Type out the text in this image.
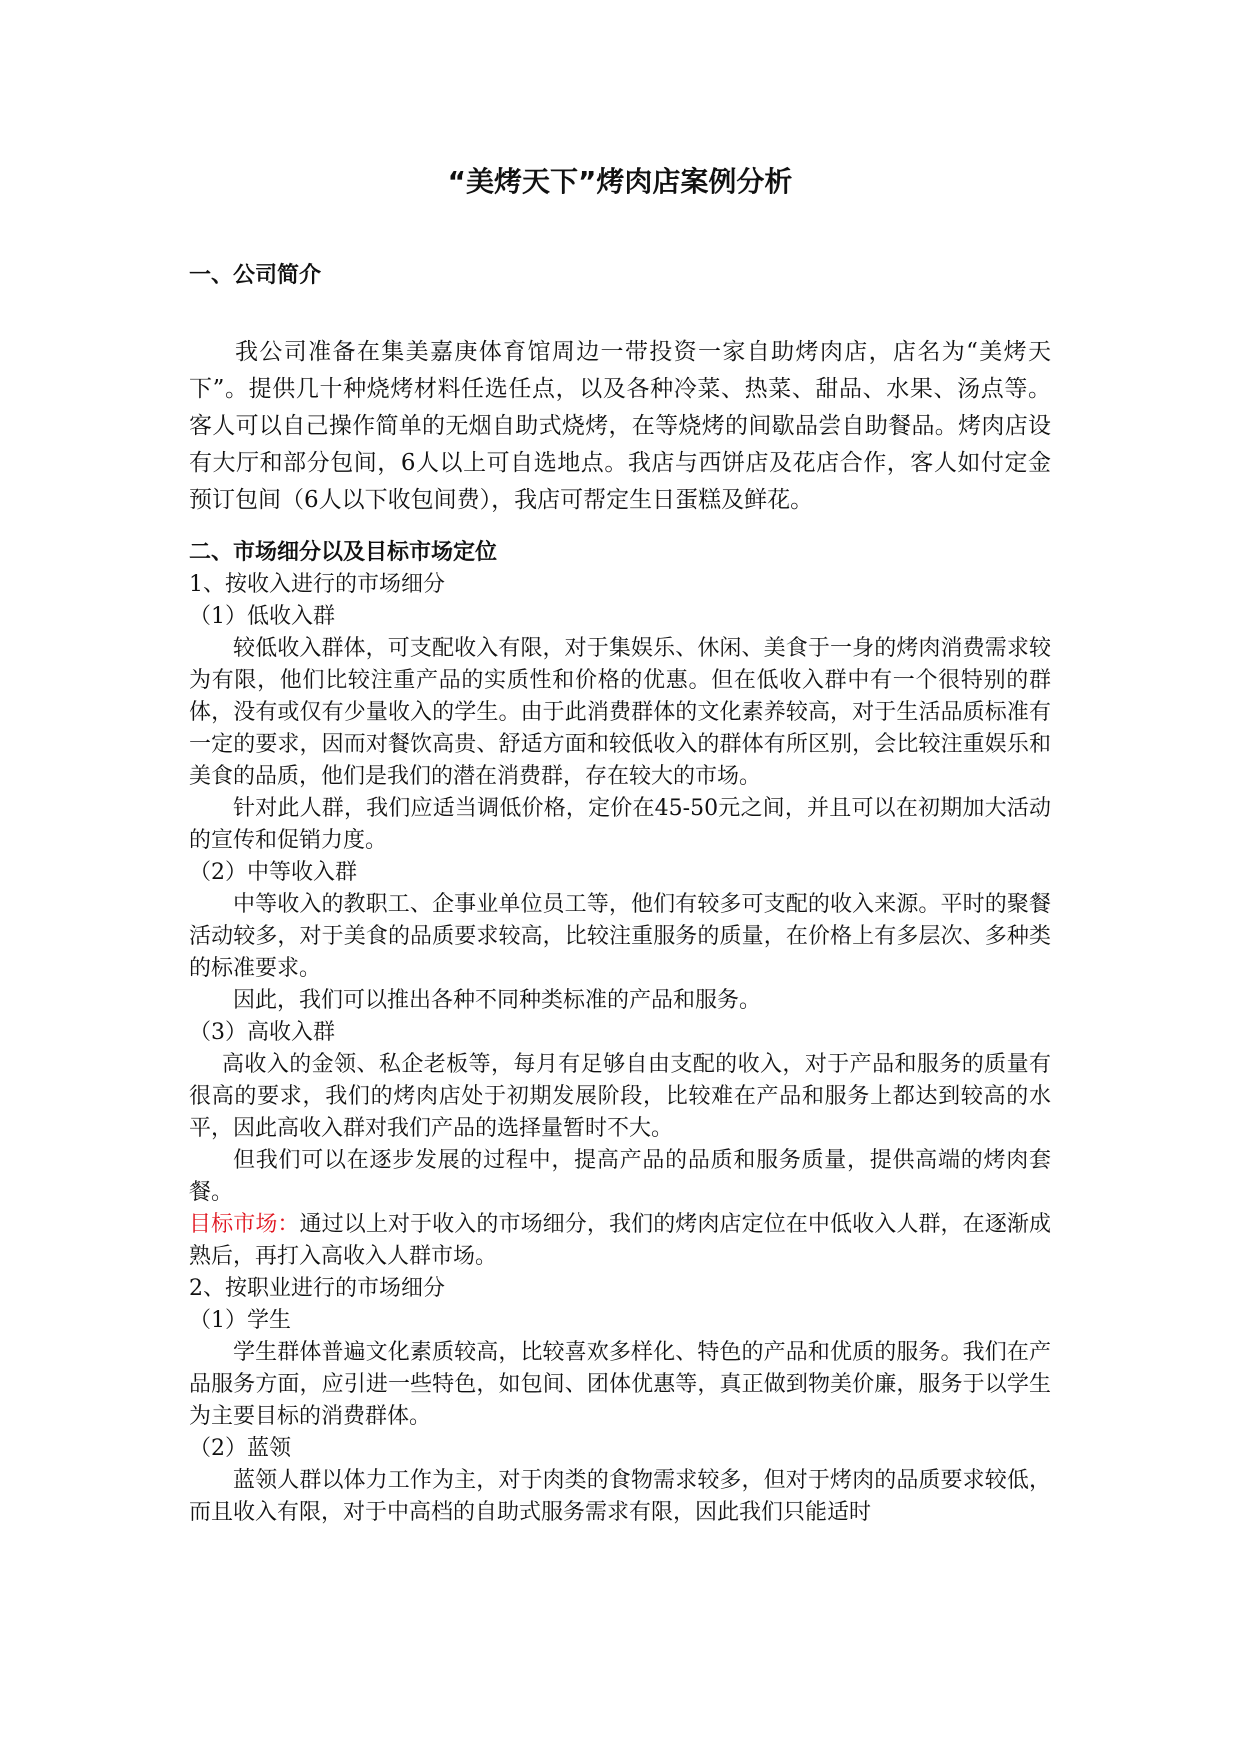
“美烤天下”烤肉店案例分析
一、公司简介

我公司准备在集美嘉庚体育馆周边一带投资一家自助烤肉店，店名为“美烤天下”。提供几十种烧烤材料任选任点，以及各种冷菜、热菜、甜品、水果、汤点等。客人可以自己操作简单的无烟自助式烧烤，在等烧烤的间歇品尝自助餐品。烤肉店设有大厅和部分包间，6人以上可自选地点。我店与西饼店及花店合作，客人如付定金预订包间（6人以下收包间费），我店可帮定生日蛋糕及鲜花。

二、市场细分以及目标市场定位

1、按收入进行的市场细分

（1）低收入群

较低收入群体，可支配收入有限，对于集娱乐、休闲、美食于一身的烤肉消费需求较为有限，他们比较注重产品的实质性和价格的优惠。但在低收入群中有一个很特别的群体，没有或仅有少量收入的学生。由于此消费群体的文化素养较高，对于生活品质标准有一定的要求，因而对餐饮高贵、舒适方面和较低收入的群体有所区别，会比较注重娱乐和美食的品质，他们是我们的潜在消费群，存在较大的市场。

针对此人群，我们应适当调低价格，定价在45-50元之间，并且可以在初期加大活动的宣传和促销力度。

（2）中等收入群

中等收入的教职工、企事业单位员工等，他们有较多可支配的收入来源。平时的聚餐活动较多，对于美食的品质要求较高，比较注重服务的质量，在价格上有多层次、多种类的标准要求。

因此，我们可以推出各种不同种类标准的产品和服务。

（3）高收入群

高收入的金领、私企老板等，每月有足够自由支配的收入，对于产品和服务的质量有很高的要求，我们的烤肉店处于初期发展阶段，比较难在产品和服务上都达到较高的水平，因此高收入群对我们产品的选择量暂时不大。

但我们可以在逐步发展的过程中，提高产品的品质和服务质量，提供高端的烤肉套餐。

目标市场：通过以上对于收入的市场细分，我们的烤肉店定位在中低收入人群，在逐渐成熟后，再打入高收入人群市场。

2、按职业进行的市场细分

（1）学生

学生群体普遍文化素质较高，比较喜欢多样化、特色的产品和优质的服务。我们在产品服务方面，应引进一些特色，如包间、团体优惠等，真正做到物美价廉，服务于以学生为主要目标的消费群体。

（2）蓝领

蓝领人群以体力工作为主，对于肉类的食物需求较多，但对于烤肉的品质要求较低，而且收入有限，对于中高档的自助式服务需求有限，因此我们只能适时
